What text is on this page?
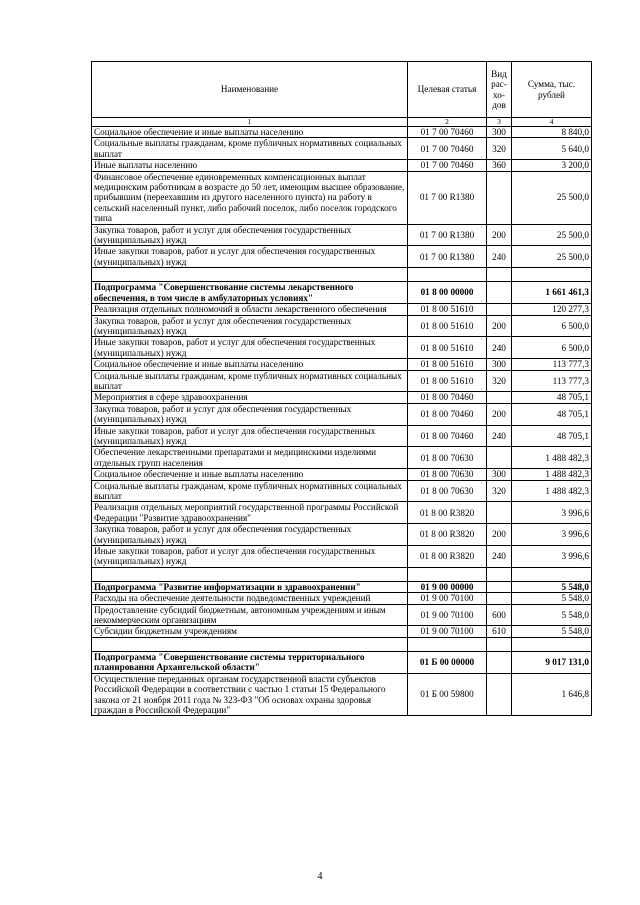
Наименование	Целевая статья	Вид рас- хо- дов	Сумма, тыс. рублей
1	2	3	4
Социальное обеспечение и иные выплаты населению	01 7 00 70460	300	8 840,0
Социальные выплаты гражданам, кроме публичных нормативных социальных выплат	01 7 00 70460	320	5 640,0
Иные выплаты населению	01 7 00 70460	360	3 200,0
Финансовое обеспечение единовременных компенсационных выплат медицинским работникам в возрасте до 50 лет, имеющим высшее образование, прибывшим (переехавшим из другого населенного пункта) на работу в сельский населенный пункт, либо рабочий поселок, либо поселок городского типа	01 7 00 R1380		25 500,0
Закупка товаров, работ и услуг для обеспечения государственных (муниципальных) нужд	01 7 00 R1380	200	25 500,0
Иные закупки товаров, работ и услуг для обеспечения государственных (муниципальных) нужд	01 7 00 R1380	240	25 500,0

Подпрограмма "Совершенствование системы лекарственного обеспечения, в том числе в амбулаторных условиях"	01 8 00 00000		1 661 461,3
Реализация отдельных полномочий в области лекарственного обеспечения	01 8 00 51610		120 277,3
Закупка товаров, работ и услуг для обеспечения государственных (муниципальных) нужд	01 8 00 51610	200	6 500,0
Иные закупки товаров, работ и услуг для обеспечения государственных (муниципальных) нужд	01 8 00 51610	240	6 500,0
Социальное обеспечение и иные выплаты населению	01 8 00 51610	300	113 777,3
Социальные выплаты гражданам, кроме публичных нормативных социальных выплат	01 8 00 51610	320	113 777,3
Мероприятия в сфере здравоохранения	01 8 00 70460		48 705,1
Закупка товаров, работ и услуг для обеспечения государственных (муниципальных) нужд	01 8 00 70460	200	48 705,1
Иные закупки товаров, работ и услуг для обеспечения государственных (муниципальных) нужд	01 8 00 70460	240	48 705,1
Обеспечение лекарственными препаратами и медицинскими изделиями отдельных групп населения	01 8 00 70630		1 488 482,3
Социальное обеспечение и иные выплаты населению	01 8 00 70630	300	1 488 482,3
Социальные выплаты гражданам, кроме публичных нормативных социальных выплат	01 8 00 70630	320	1 488 482,3
Реализация отдельных мероприятий государственной программы Российской Федерации "Развитие здравоохранения"	01 8 00 R3820		3 996,6
Закупка товаров, работ и услуг для обеспечения государственных (муниципальных) нужд	01 8 00 R3820	200	3 996,6
Иные закупки товаров, работ и услуг для обеспечения государственных (муниципальных) нужд	01 8 00 R3820	240	3 996,6

Подпрограмма "Развитие информатизации в здравоохранении"	01 9 00 00000		5 548,0
Расходы на обеспечение деятельности подведомственных учреждений	01 9 00 70100		5 548,0
Предоставление субсидий бюджетным, автономным учреждениям и иным некоммерческим организациям	01 9 00 70100	600	5 548,0
Субсидии бюджетным учреждениям	01 9 00 70100	610	5 548,0

Подпрограмма "Совершенствование системы территориального планирования Архангельской области"	01 Б 00 00000		9 017 131,0
Осуществление переданных органам государственной власти субъектов Российской Федерации в соответствии с частью 1 статьи 15 Федерального закона от 21 ноября 2011 года № 323-ФЗ "Об основах охраны здоровья граждан в Российской Федерации"	01 Б 00 59800		1 646,8
4
